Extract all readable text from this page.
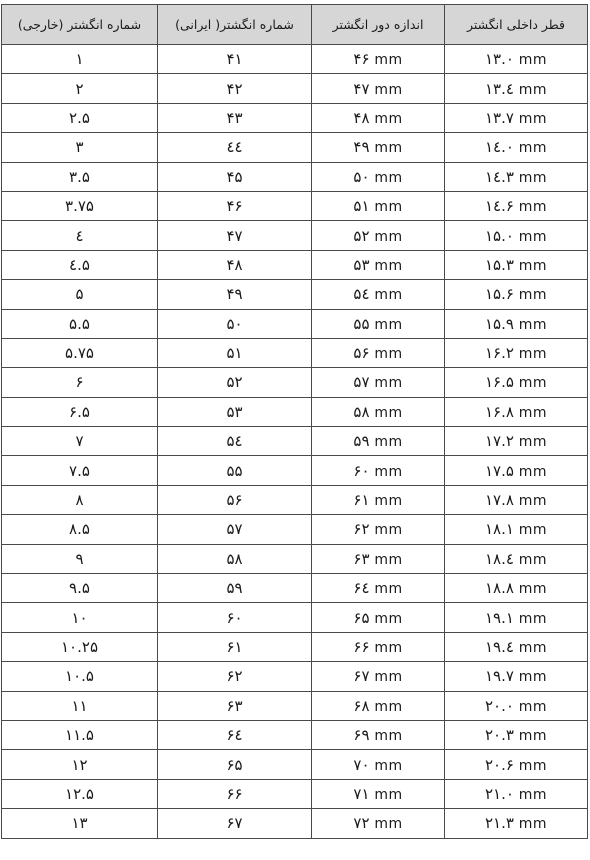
شماره انگشتر (خارجی)	شماره انگشتر( ایرانی)	اندازه دور انگشتر	قطر داخلی انگشتر
۱	۴۱	۴۶ mm	۱۳.۰ mm
۲	۴۲	۴۷ mm	۱۳.٤ mm
۲.۵	۴۳	۴۸ mm	۱۳.۷ mm
۳	٤٤	۴۹ mm	۱٤.۰ mm
۳.۵	۴۵	۵۰ mm	۱٤.۳ mm
۳.۷۵	۴۶	۵۱ mm	۱٤.۶ mm
٤	۴۷	۵۲ mm	۱۵.۰ mm
٤.۵	۴۸	۵۳ mm	۱۵.۳ mm
۵	۴۹	۵٤ mm	۱۵.۶ mm
۵.۵	۵۰	۵۵ mm	۱۵.۹ mm
۵.۷۵	۵۱	۵۶ mm	۱۶.۲ mm
۶	۵۲	۵۷ mm	۱۶.۵ mm
۶.۵	۵۳	۵۸ mm	۱۶.۸ mm
۷	۵٤	۵۹ mm	۱۷.۲ mm
۷.۵	۵۵	۶۰ mm	۱۷.۵ mm
۸	۵۶	۶۱ mm	۱۷.۸ mm
۸.۵	۵۷	۶۲ mm	۱۸.۱ mm
۹	۵۸	۶۳ mm	۱۸.٤ mm
۹.۵	۵۹	۶٤ mm	۱۸.۸ mm
۱۰	۶۰	۶۵ mm	۱۹.۱ mm
۱۰.۲۵	۶۱	۶۶ mm	۱۹.٤ mm
۱۰.۵	۶۲	۶۷ mm	۱۹.۷ mm
۱۱	۶۳	۶۸ mm	۲۰.۰ mm
۱۱.۵	۶٤	۶۹ mm	۲۰.۳ mm
۱۲	۶۵	۷۰ mm	۲۰.۶ mm
۱۲.۵	۶۶	۷۱ mm	۲۱.۰ mm
۱۳	۶۷	۷۲ mm	۲۱.۳ mm
